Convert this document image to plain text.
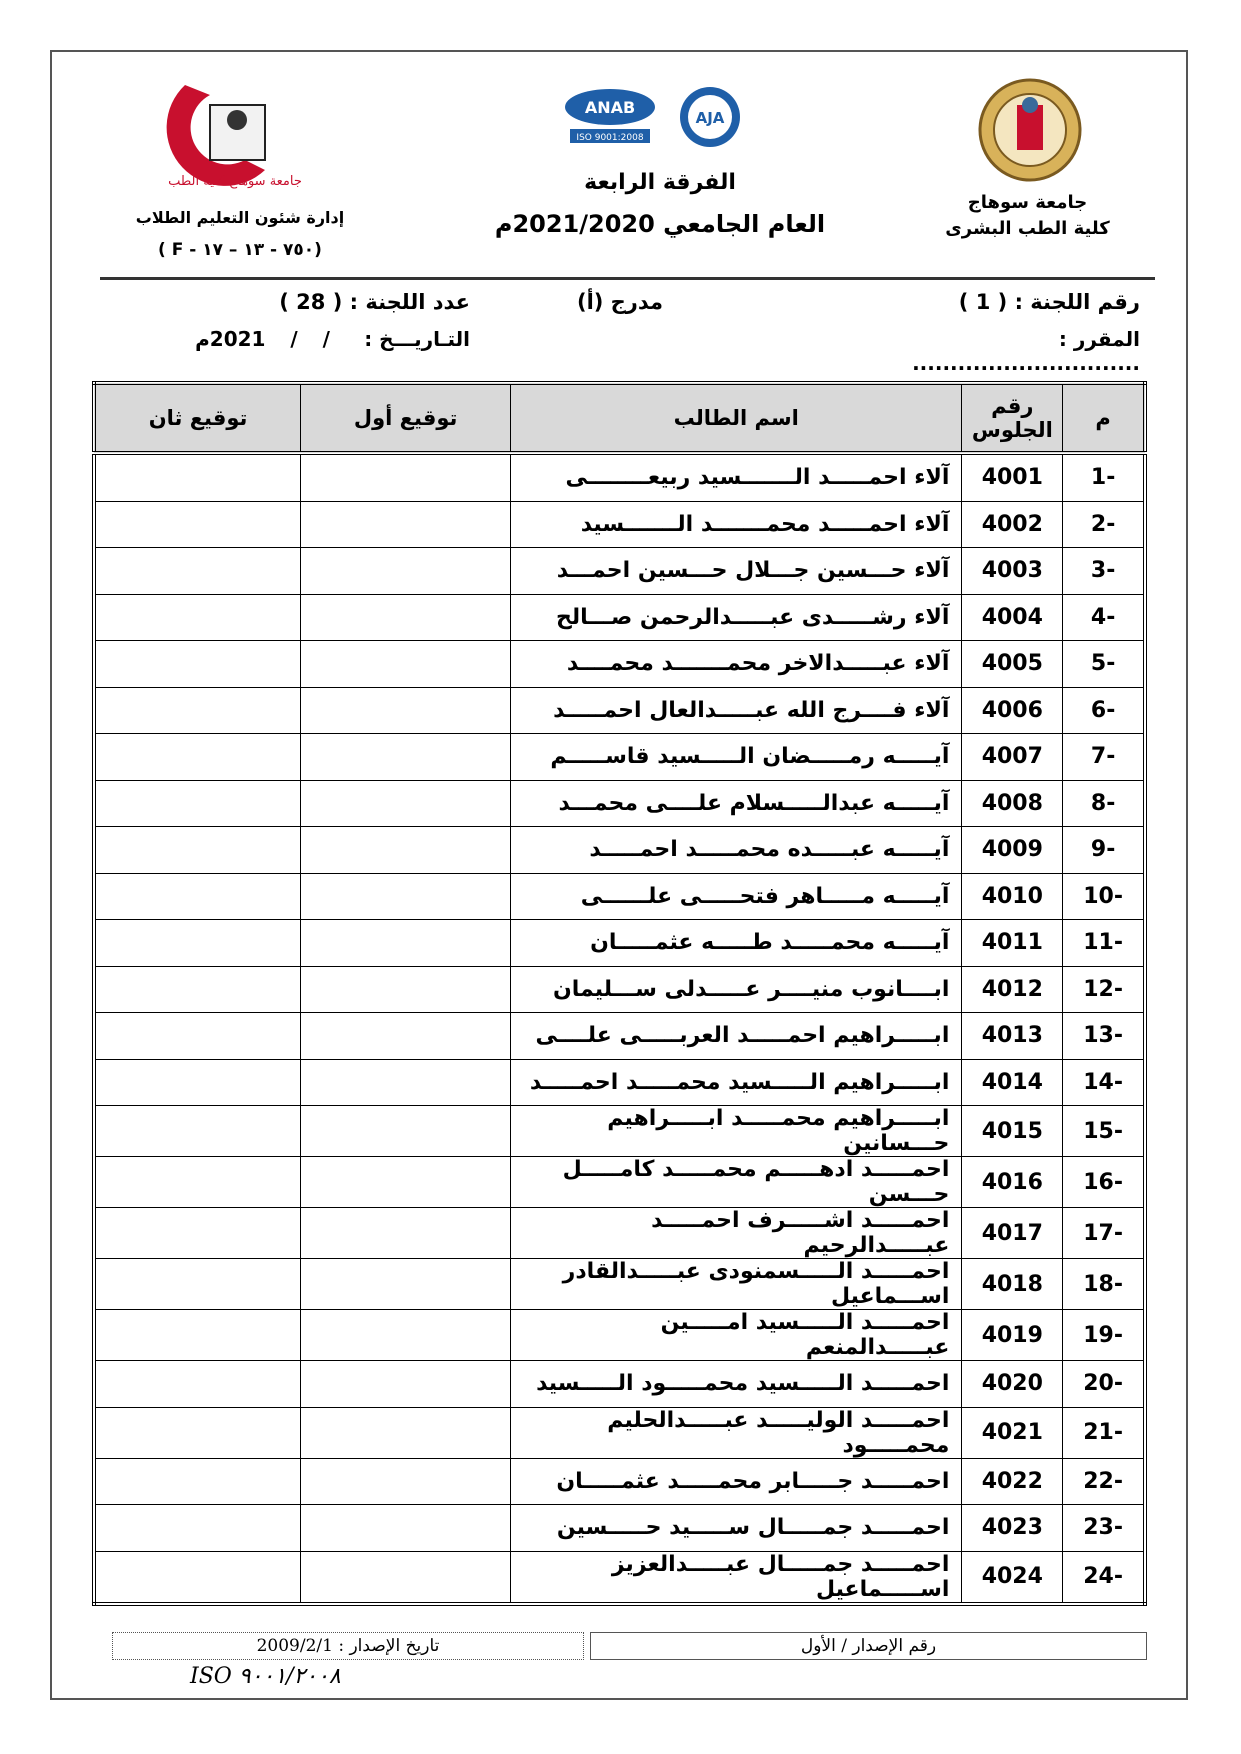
جامعة سوهاج كلية الطب
ANAB
ISO 9001:2008
AJA
جامعة سوهاج
كلية الطب البشرى
الفرقة الرابعة
العام الجامعي 2021/2020م
إدارة شئون التعليم الطلاب
( F - ٧٥٠ - ١٣ – ١٧)
رقم اللجنة : ( 1 )
مدرج (أ)
عدد اللجنة : ( 28 )
المقرر : ..............................
التـاريـــخ :
/ / 2021م
م	رقم الجلوس	اسم الطالب	توقيع أول	توقيع ثان
-1	4001	آلاء احمـــــد الـــــــسيد ربيعــــــــى		
-2	4002	آلاء احمـــــد محمـــــــد الـــــــسيد		
-3	4003	آلاء حـــسين جـــلال حـــسين احمـــد		
-4	4004	آلاء رشـــــدى عبـــــدالرحمن صـــالح		
-5	4005	آلاء عبـــــدالاخر محمـــــــد محمــــد		
-6	4006	آلاء فــــرج الله عبـــــدالعال احمـــــد		
-7	4007	آيـــــه رمـــــضان الـــــسيد قاســـــم		
-8	4008	آيـــــه عبدالـــــسلام علــــى محمـــد		
-9	4009	آيـــــه عبـــــده محمـــــد احمـــــد		
-10	4010	آيـــــه مـــــاهر فتحـــــى علــــــى		
-11	4011	آيـــــه محمـــــد طـــــه عثمـــــان		
-12	4012	ابــــانوب منيــــر عـــــدلى ســـليمان		
-13	4013	ابـــــراهيم احمـــــد العربـــــى علــــى		
-14	4014	ابـــــراهيم الـــــسيد محمـــــد احمـــــد		
-15	4015	ابـــــراهيم محمـــــد ابـــــراهيم حـــسانين		
-16	4016	احمـــــد ادهـــــم محمـــــد كامـــــل حـــسن		
-17	4017	احمـــــد اشـــــرف احمـــــد عبـــــدالرحيم		
-18	4018	احمـــــد الـــــسمنودى عبـــــدالقادر اســـماعيل		
-19	4019	احمـــــد الـــــسيد امـــــين عبـــــدالمنعم		
-20	4020	احمـــــد الـــــسيد محمـــــود الـــــسيد		
-21	4021	احمـــــد الوليـــــد عبـــــدالحليم محمـــــود		
-22	4022	احمـــــد جـــــابر محمـــــد عثمـــــان		
-23	4023	احمـــــد جمـــــال ســـــيد حـــــسين		
-24	4024	احمـــــد جمـــــال عبـــــدالعزيز اســـــماعيل		
رقم الإصدار / الأول
تاريخ الإصدار : 2009/2/1
ISO ٩٠٠١/٢٠٠٨
